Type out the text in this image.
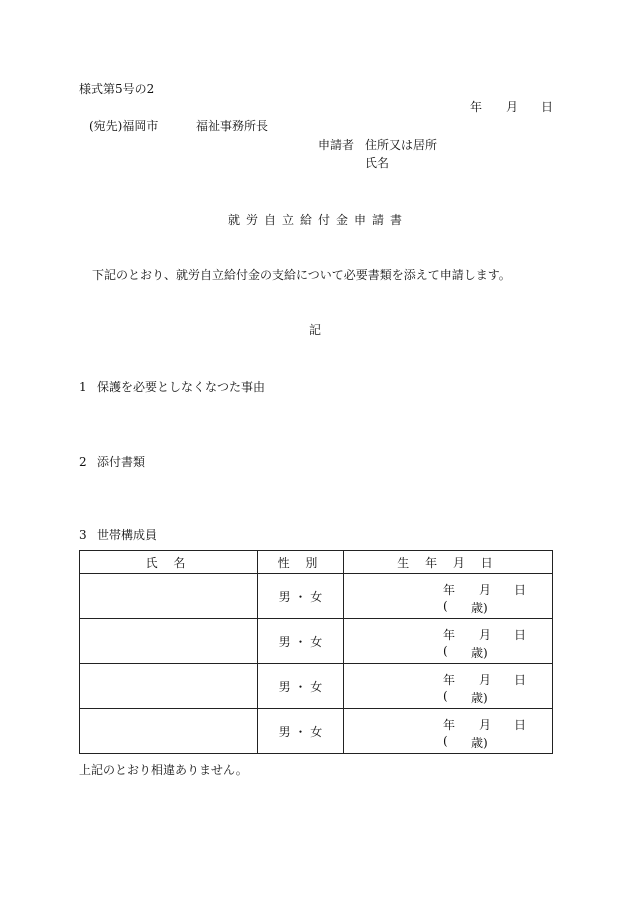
様式第5号の2
年 月 日
(宛先)福岡市	福祉事務所長
申請者 住所又は居所
氏名
就労自立給付金申請書
下記のとおり、就労自立給付金の支給について必要書類を添えて申請します。
記
1 保護を必要としなくなつた事由
2 添付書類
3 世帯構成員
氏 名	性 別	生 年 月 日
	男 ・ 女	年 月 日
( 歳)

	男 ・ 女	年 月 日
( 歳)

	男 ・ 女	年 月 日
( 歳)

	男 ・ 女	年 月 日
( 歳)
上記のとおり相違ありません。
